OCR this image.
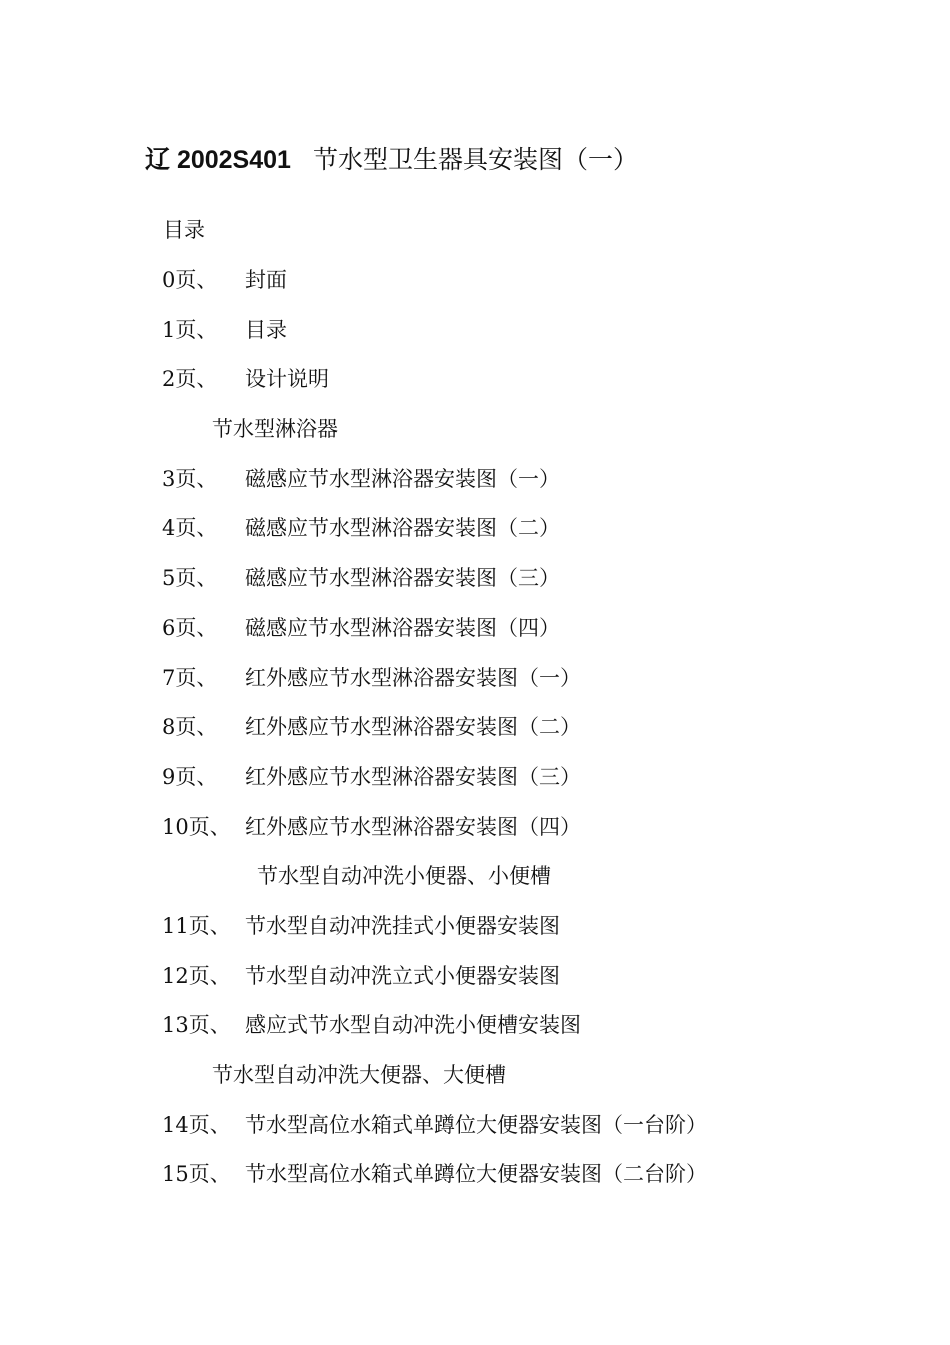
辽 2002S401 节水型卫生器具安装图（一）
目录
0页、 封面
1页、 目录
2页、 设计说明
节水型淋浴器
3页、 磁感应节水型淋浴器安装图（一）
4页、 磁感应节水型淋浴器安装图（二）
5页、 磁感应节水型淋浴器安装图（三）
6页、 磁感应节水型淋浴器安装图（四）
7页、 红外感应节水型淋浴器安装图（一）
8页、 红外感应节水型淋浴器安装图（二）
9页、 红外感应节水型淋浴器安装图（三）
10页、 红外感应节水型淋浴器安装图（四）
节水型自动冲洗小便器、小便槽
11页、 节水型自动冲洗挂式小便器安装图
12页、 节水型自动冲洗立式小便器安装图
13页、 感应式节水型自动冲洗小便槽安装图
节水型自动冲洗大便器、大便槽
14页、 节水型高位水箱式单蹲位大便器安装图（一台阶）
15页、 节水型高位水箱式单蹲位大便器安装图（二台阶）
